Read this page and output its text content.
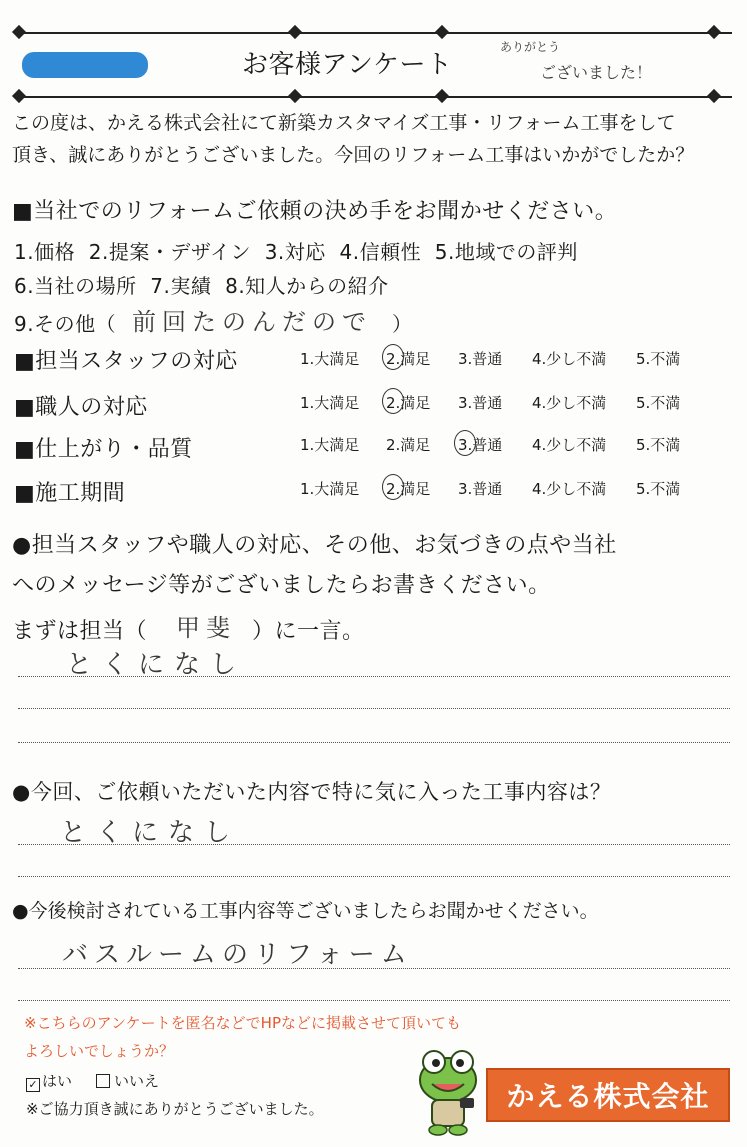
お客様アンケート
ありがとう
ございました！
この度は、かえる株式会社にて新築カスタマイズ工事・リフォーム工事をして
頂き、誠にありがとうございました。今回のリフォーム工事はいかがでしたか？
■当社でのリフォームご依頼の決め手をお聞かせください。
1.価格  2.提案・デザイン  3.対応  4.信頼性  5.地域での評判
6.当社の場所  7.実績  8.知人からの紹介
9.その他（ 前回たのんだので ）
■担当スタッフの対応	1.大満足 2.満足 3.普通 4.少し不満 5.不満
■職人の対応	1.大満足 2.満足 3.普通 4.少し不満 5.不満
■仕上がり・品質	1.大満足 2.満足 3.普通 4.少し不満 5.不満
■施工期間	1.大満足 2.満足 3.普通 4.少し不満 5.不満
●担当スタッフや職人の対応、その他、お気づきの点や当社
へのメッセージ等がございましたらお書きください。
まずは担当（ 甲斐 ）に一言。
とくになし
●今回、ご依頼いただいた内容で特に気に入った工事内容は？
とくになし
●今後検討されている工事内容等ございましたらお聞かせください。
バスルームのリフォーム
※こちらのアンケートを匿名などでHPなどに掲載させて頂いても
よろしいでしょうか？
✓ はい	いいえ
※ご協力頂き誠にありがとうございました。	かえる株式会社
